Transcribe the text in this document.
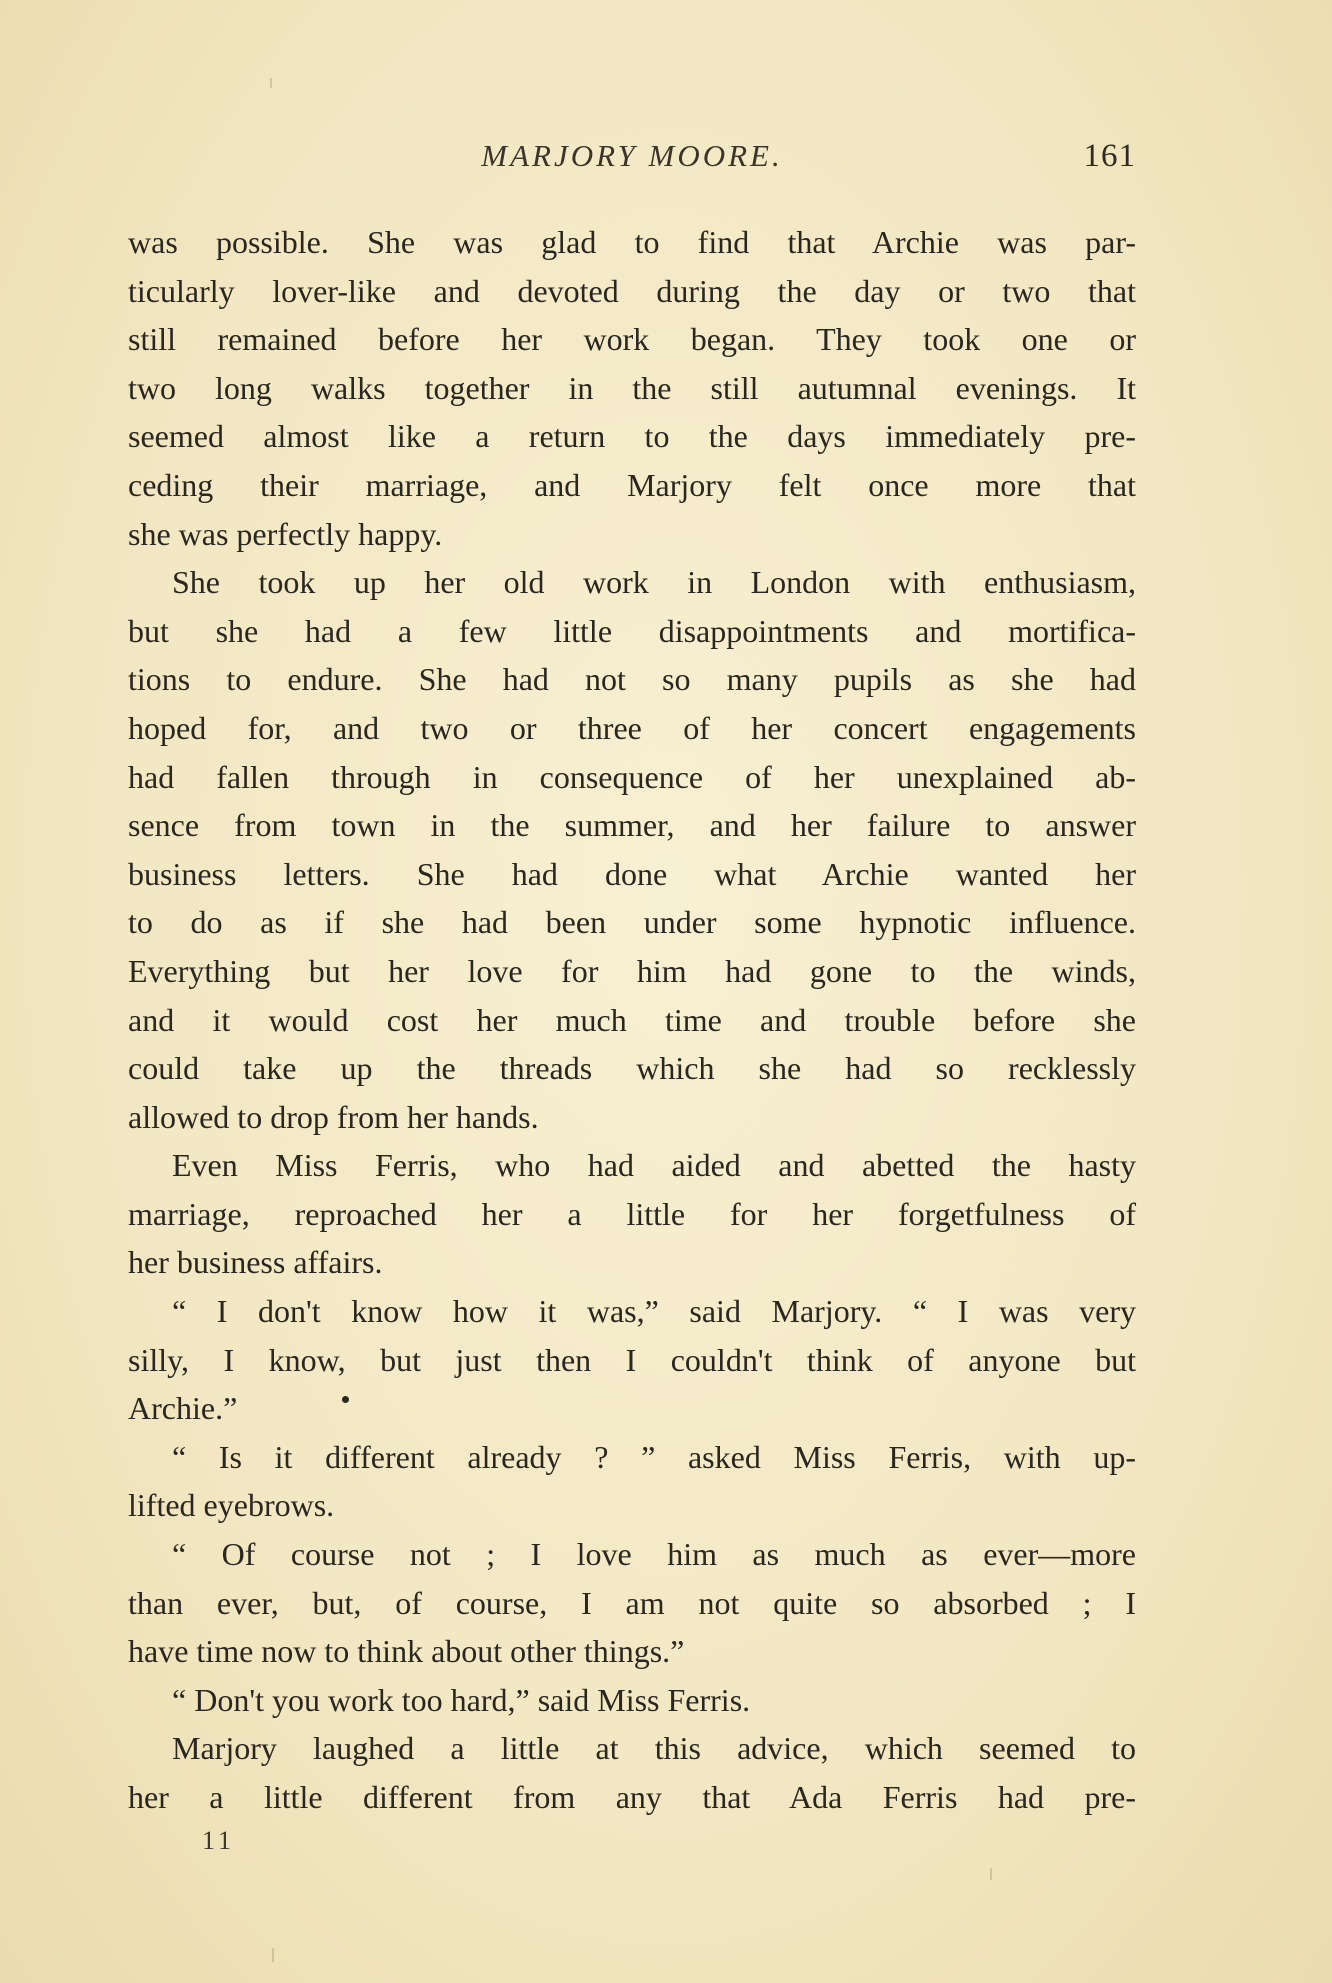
MARJORY MOORE.	161
was possible. She was glad to find that Archie was par-
ticularly lover-like and devoted during the day or two that
still remained before her work began. They took one or
two long walks together in the still autumnal evenings. It
seemed almost like a return to the days immediately pre-
ceding their marriage, and Marjory felt once more that
she was perfectly happy.
She took up her old work in London with enthusiasm,
but she had a few little disappointments and mortifica-
tions to endure. She had not so many pupils as she had
hoped for, and two or three of her concert engagements
had fallen through in consequence of her unexplained ab-
sence from town in the summer, and her failure to answer
business letters. She had done what Archie wanted her
to do as if she had been under some hypnotic influence.
Everything but her love for him had gone to the winds,
and it would cost her much time and trouble before she
could take up the threads which she had so recklessly
allowed to drop from her hands.
Even Miss Ferris, who had aided and abetted the hasty
marriage, reproached her a little for her forgetfulness of
her business affairs.
“ I don't know how it was,” said Marjory. “ I was very
silly, I know, but just then I couldn't think of anyone but
Archie.”
“ Is it different already ? ” asked Miss Ferris, with up-
lifted eyebrows.
“ Of course not ; I love him as much as ever—more
than ever, but, of course, I am not quite so absorbed ; I
have time now to think about other things.”
“ Don't you work too hard,” said Miss Ferris.
Marjory laughed a little at this advice, which seemed to
her a little different from any that Ada Ferris had pre-
11
